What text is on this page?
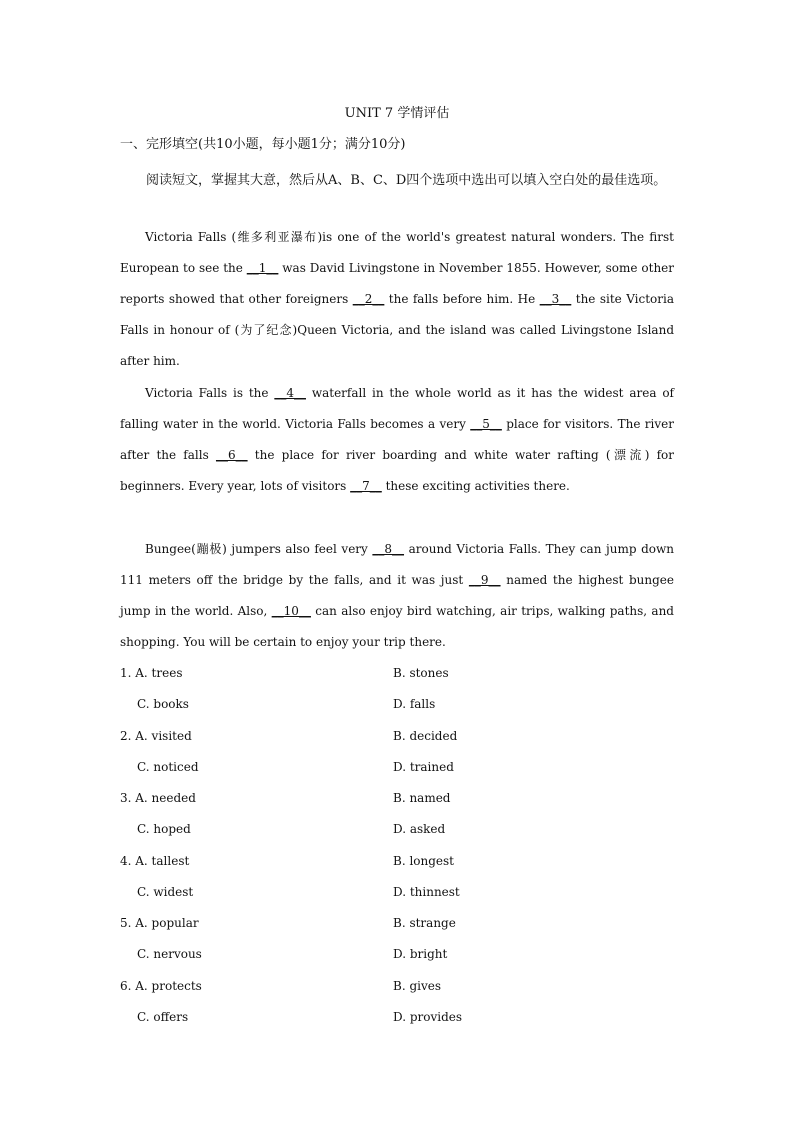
UNIT 7 学情评估
一、完形填空(共10小题，每小题1分；满分10分)
阅读短文，掌握其大意，然后从A、B、C、D四个选项中选出可以填入空白处的最佳选项。
Victoria Falls (维多利亚瀑布)is one of the world's greatest natural wonders. The first European to see the __1__ was David Livingstone in November 1855. However, some other reports showed that other foreigners __2__ the falls before him. He __3__ the site Victoria Falls in honour of (为了纪念)Queen Victoria, and the island was called Livingstone Island after him.
Victoria Falls is the __4__ waterfall in the whole world as it has the widest area of falling water in the world. Victoria Falls becomes a very __5__ place for visitors. The river after the falls __6__ the place for river boarding and white water rafting (漂流) for beginners. Every year, lots of visitors __7__ these exciting activities there.
Bungee(蹦极) jumpers also feel very __8__ around Victoria Falls. They can jump down 111 meters off the bridge by the falls, and it was just __9__ named the highest bungee jump in the world. Also, __10__ can also enjoy bird watching, air trips, walking paths, and shopping. You will be certain to enjoy your trip there.
1. A. trees	B. stones
C. books	D. falls
2. A. visited	B. decided
C. noticed	D. trained
3. A. needed	B. named
C. hoped	D. asked
4. A. tallest	B. longest
C. widest	D. thinnest
5. A. popular	B. strange
C. nervous	D. bright
6. A. protects	B. gives
C. offers	D. provides
